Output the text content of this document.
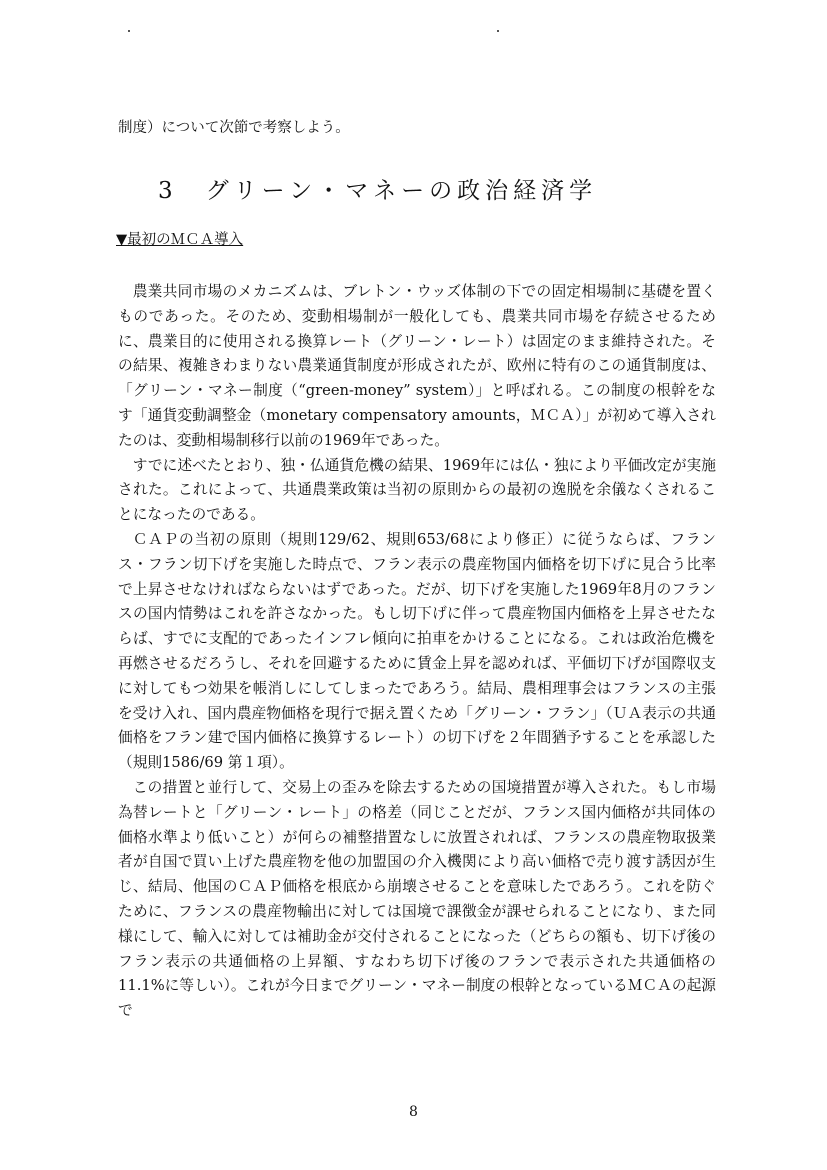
制度）について次節で考察しよう。

3　グリーン・マネーの政治経済学
▼最初のＭＣＡ導入

農業共同市場のメカニズムは、ブレトン・ウッズ体制の下での固定相場制に基礎を置くものであった。そのため、変動相場制が一般化しても、農業共同市場を存続させるために、農業目的に使用される換算レート（グリーン・レート）は固定のまま維持された。その結果、複雑きわまりない農業通貨制度が形成されたが、欧州に特有のこの通貨制度は、「グリーン・マネー制度（“green-money” system）」と呼ばれる。この制度の根幹をなす「通貨変動調整金（monetary compensatory amounts，ＭＣＡ）」が初めて導入されたのは、変動相場制移行以前の1969年であった。

すでに述べたとおり、独・仏通貨危機の結果、1969年には仏・独により平価改定が実施された。これによって、共通農業政策は当初の原則からの最初の逸脱を余儀なくされることになったのである。

ＣＡＰの当初の原則（規則129/62、規則653/68により修正）に従うならば、フランス・フラン切下げを実施した時点で、フラン表示の農産物国内価格を切下げに見合う比率で上昇させなければならないはずであった。だが、切下げを実施した1969年8月のフランスの国内情勢はこれを許さなかった。もし切下げに伴って農産物国内価格を上昇させたならば、すでに支配的であったインフレ傾向に拍車をかけることになる。これは政治危機を再燃させるだろうし、それを回避するために賃金上昇を認めれば、平価切下げが国際収支に対してもつ効果を帳消しにしてしまったであろう。結局、農相理事会はフランスの主張を受け入れ、国内農産物価格を現行で据え置くため「グリーン・フラン」（ＵＡ表示の共通価格をフラン建で国内価格に換算するレート）の切下げを２年間猶予することを承認した（規則1586/69 第１項）。

この措置と並行して、交易上の歪みを除去するための国境措置が導入された。もし市場為替レートと「グリーン・レート」の格差（同じことだが、フランス国内価格が共同体の価格水準より低いこと）が何らの補整措置なしに放置されれば、フランスの農産物取扱業者が自国で買い上げた農産物を他の加盟国の介入機関により高い価格で売り渡す誘因が生じ、結局、他国のＣＡＰ価格を根底から崩壊させることを意味したであろう。これを防ぐために、フランスの農産物輸出に対しては国境で課徴金が課せられることになり、また同様にして、輸入に対しては補助金が交付されることになった（どちらの額も、切下げ後のフラン表示の共通価格の上昇額、すなわち切下げ後のフランで表示された共通価格の11.1%に等しい）。これが今日までグリーン・マネー制度の根幹となっているＭＣＡの起源で

8
